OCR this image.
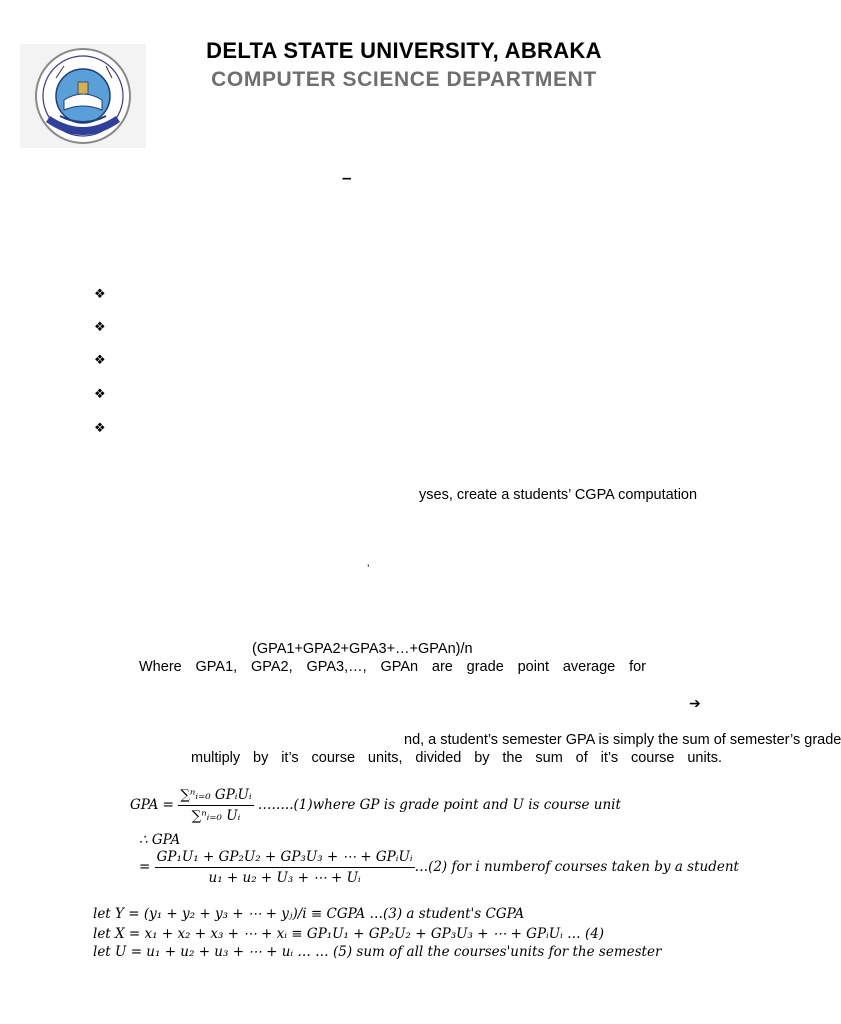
DELTA STATE UNIVERSITY, ABRAKA
COMPUTER SCIENCE DEPARTMENT
–
❖
❖
❖
❖
❖
yses, create a students’ CGPA computation
’
(GPA1+GPA2+GPA3+…+GPAn)/n
Where GPA1, GPA2, GPA3,…, GPAn are grade point average for
➔
nd, a student’s semester GPA is simply the sum of semester’s grade
multiply by it’s course units, divided by the sum of it’s course units.
GPA = $\frac{\text{∑ⁿᵢ₌₀ GPᵢUᵢ}}{\text{∑ⁿᵢ₌₀ Uᵢ}}$ ……..(1)where GP is grade point and U is course unit
∴ GPA
= $\frac{\text{GP₁U₁ + GP₂U₂ + GP₃U₃ + ⋯ + GPᵢUᵢ}}{\text{u₁ + u₂ + U₃ + ⋯ + Uᵢ}}$ …(2) for i numberof courses taken by a student
let Y = (y₁ + y₂ + y₃ + ⋯ + yⱼ)/i ≡ CGPA …(3) a student's CGPA
let X = x₁ + x₂ + x₃ + ⋯ + xᵢ ≡ GP₁U₁ + GP₂U₂ + GP₃U₃ + ⋯ + GPᵢUᵢ … (4)
let U = u₁ + u₂ + u₃ + ⋯ + uᵢ … … (5) sum of all the courses'units for the semester
